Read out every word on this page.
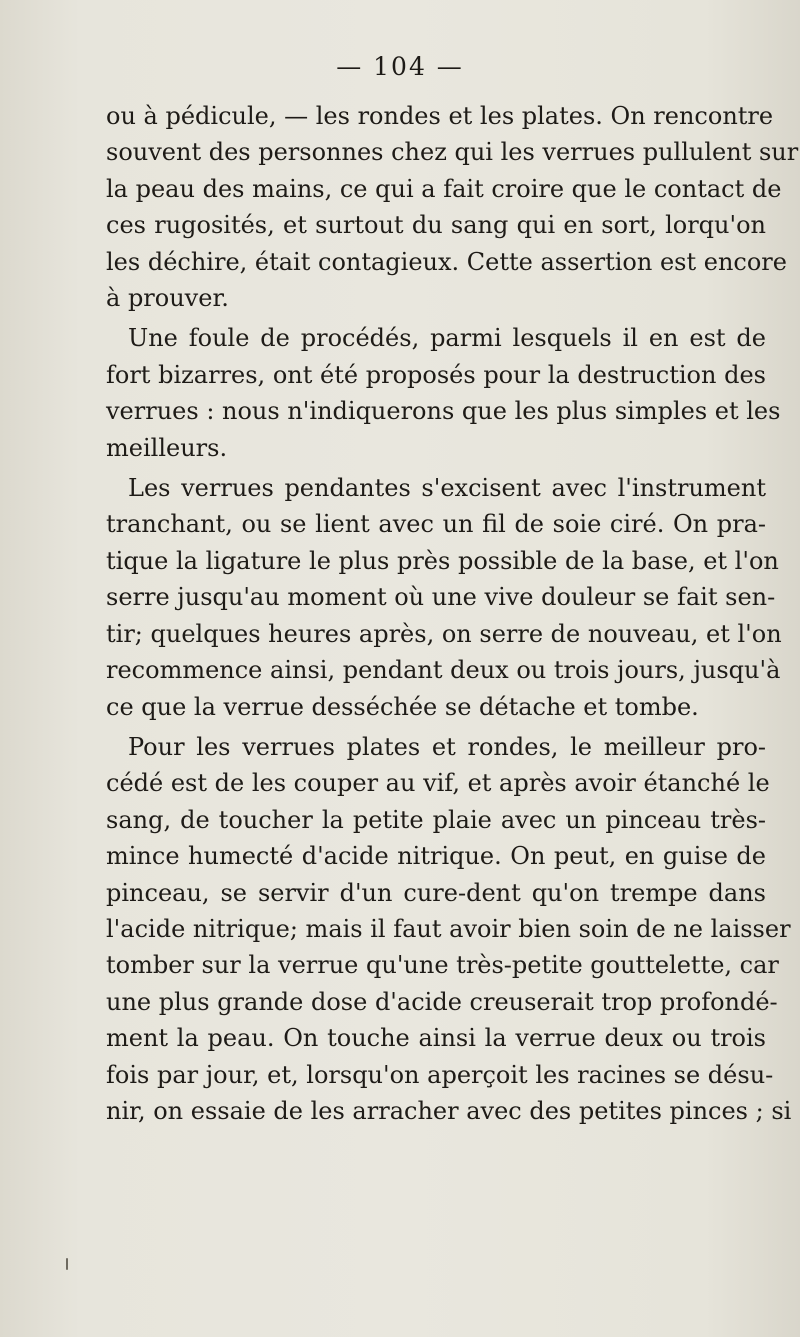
— 104 —
ou à pédicule, — les rondes et les plates. On rencontre
souvent des personnes chez qui les verrues pullulent sur
la peau des mains, ce qui a fait croire que le contact de
ces rugosités, et surtout du sang qui en sort, lorqu'on
les déchire, était contagieux. Cette assertion est encore
à prouver.
Une foule de procédés, parmi lesquels il en est de
fort bizarres, ont été proposés pour la destruction des
verrues : nous n'indiquerons que les plus simples et les
meilleurs.
Les verrues pendantes s'excisent avec l'instrument
tranchant, ou se lient avec un fil de soie ciré. On pra-
tique la ligature le plus près possible de la base, et l'on
serre jusqu'au moment où une vive douleur se fait sen-
tir; quelques heures après, on serre de nouveau, et l'on
recommence ainsi, pendant deux ou trois jours, jusqu'à
ce que la verrue desséchée se détache et tombe.
Pour les verrues plates et rondes, le meilleur pro-
cédé est de les couper au vif, et après avoir étanché le
sang, de toucher la petite plaie avec un pinceau très-
mince humecté d'acide nitrique. On peut, en guise de
pinceau, se servir d'un cure-dent qu'on trempe dans
l'acide nitrique; mais il faut avoir bien soin de ne laisser
tomber sur la verrue qu'une très-petite gouttelette, car
une plus grande dose d'acide creuserait trop profondé-
ment la peau. On touche ainsi la verrue deux ou trois
fois par jour, et, lorsqu'on aperçoit les racines se désu-
nir, on essaie de les arracher avec des petites pinces ; si
